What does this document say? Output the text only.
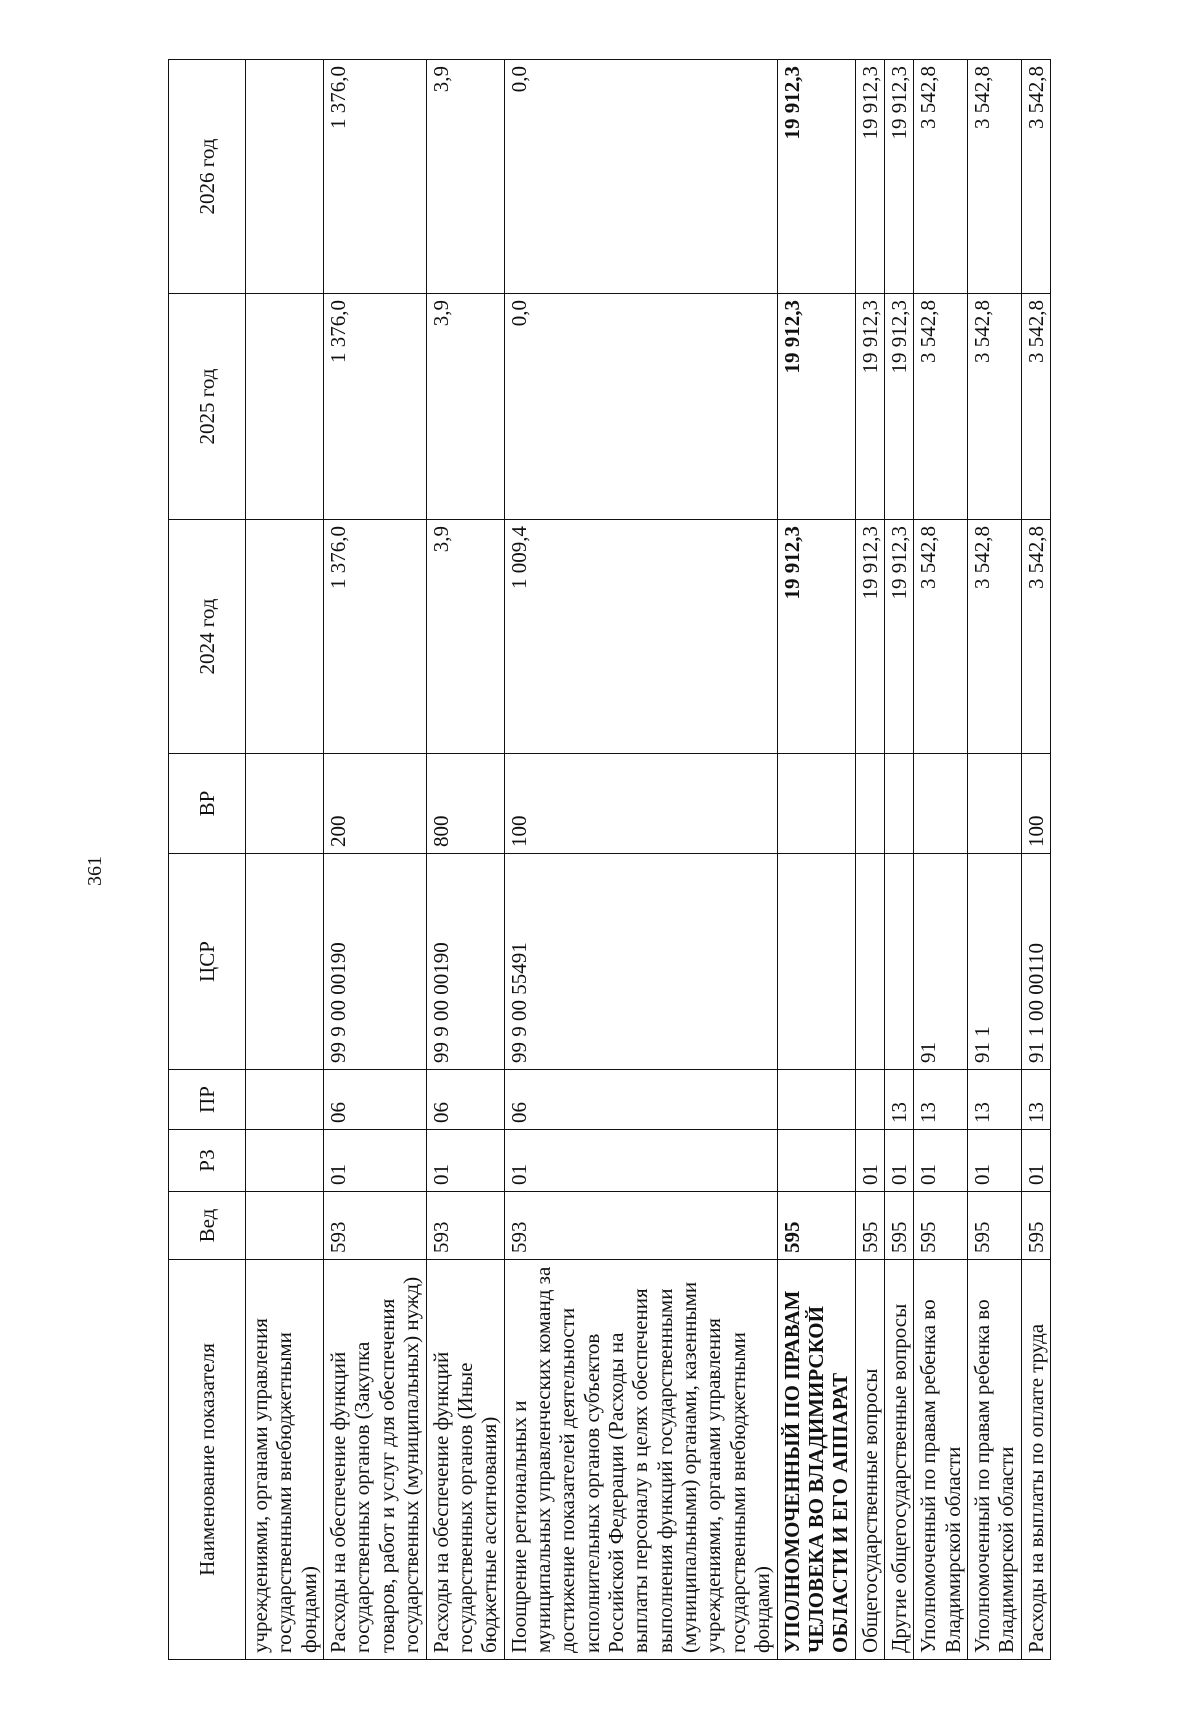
361
Наименование показателя	Вед	РЗ	ПР	ЦСР	ВР	2024 год	2025 год	2026 год
учреждениями, органами управления государственными внебюджетными фондами)								
Расходы на обеспечение функций государственных органов (Закупка товаров, работ и услуг для обеспечения государственных (муниципальных) нужд)	593	01	06	99 9 00 00190	200	1 376,0	1 376,0	1 376,0
Расходы на обеспечение функций государственных органов (Иные бюджетные ассигнования)	593	01	06	99 9 00 00190	800	3,9	3,9	3,9
Поощрение региональных и муниципальных управленческих команд за достижение показателей деятельности исполнительных органов субъектов Российской Федерации (Расходы на выплаты персоналу в целях обеспечения выполнения функций государственными (муниципальными) органами, казенными учреждениями, органами управления государственными внебюджетными фондами)	593	01	06	99 9 00 55491	100	1 009,4	0,0	0,0
УПОЛНОМОЧЕННЫЙ ПО ПРАВАМ ЧЕЛОВЕКА ВО ВЛАДИМИРСКОЙ ОБЛАСТИ И ЕГО АППАРАТ	595					19 912,3	19 912,3	19 912,3
Общегосударственные вопросы	595	01				19 912,3	19 912,3	19 912,3
Другие общегосударственные вопросы	595	01	13			19 912,3	19 912,3	19 912,3
Уполномоченный по правам ребенка во Владимирской области	595	01	13	91		3 542,8	3 542,8	3 542,8
Уполномоченный по правам ребенка во Владимирской области	595	01	13	91 1		3 542,8	3 542,8	3 542,8
Расходы на выплаты по оплате труда	595	01	13	91 1 00 00110	100	3 542,8	3 542,8	3 542,8
